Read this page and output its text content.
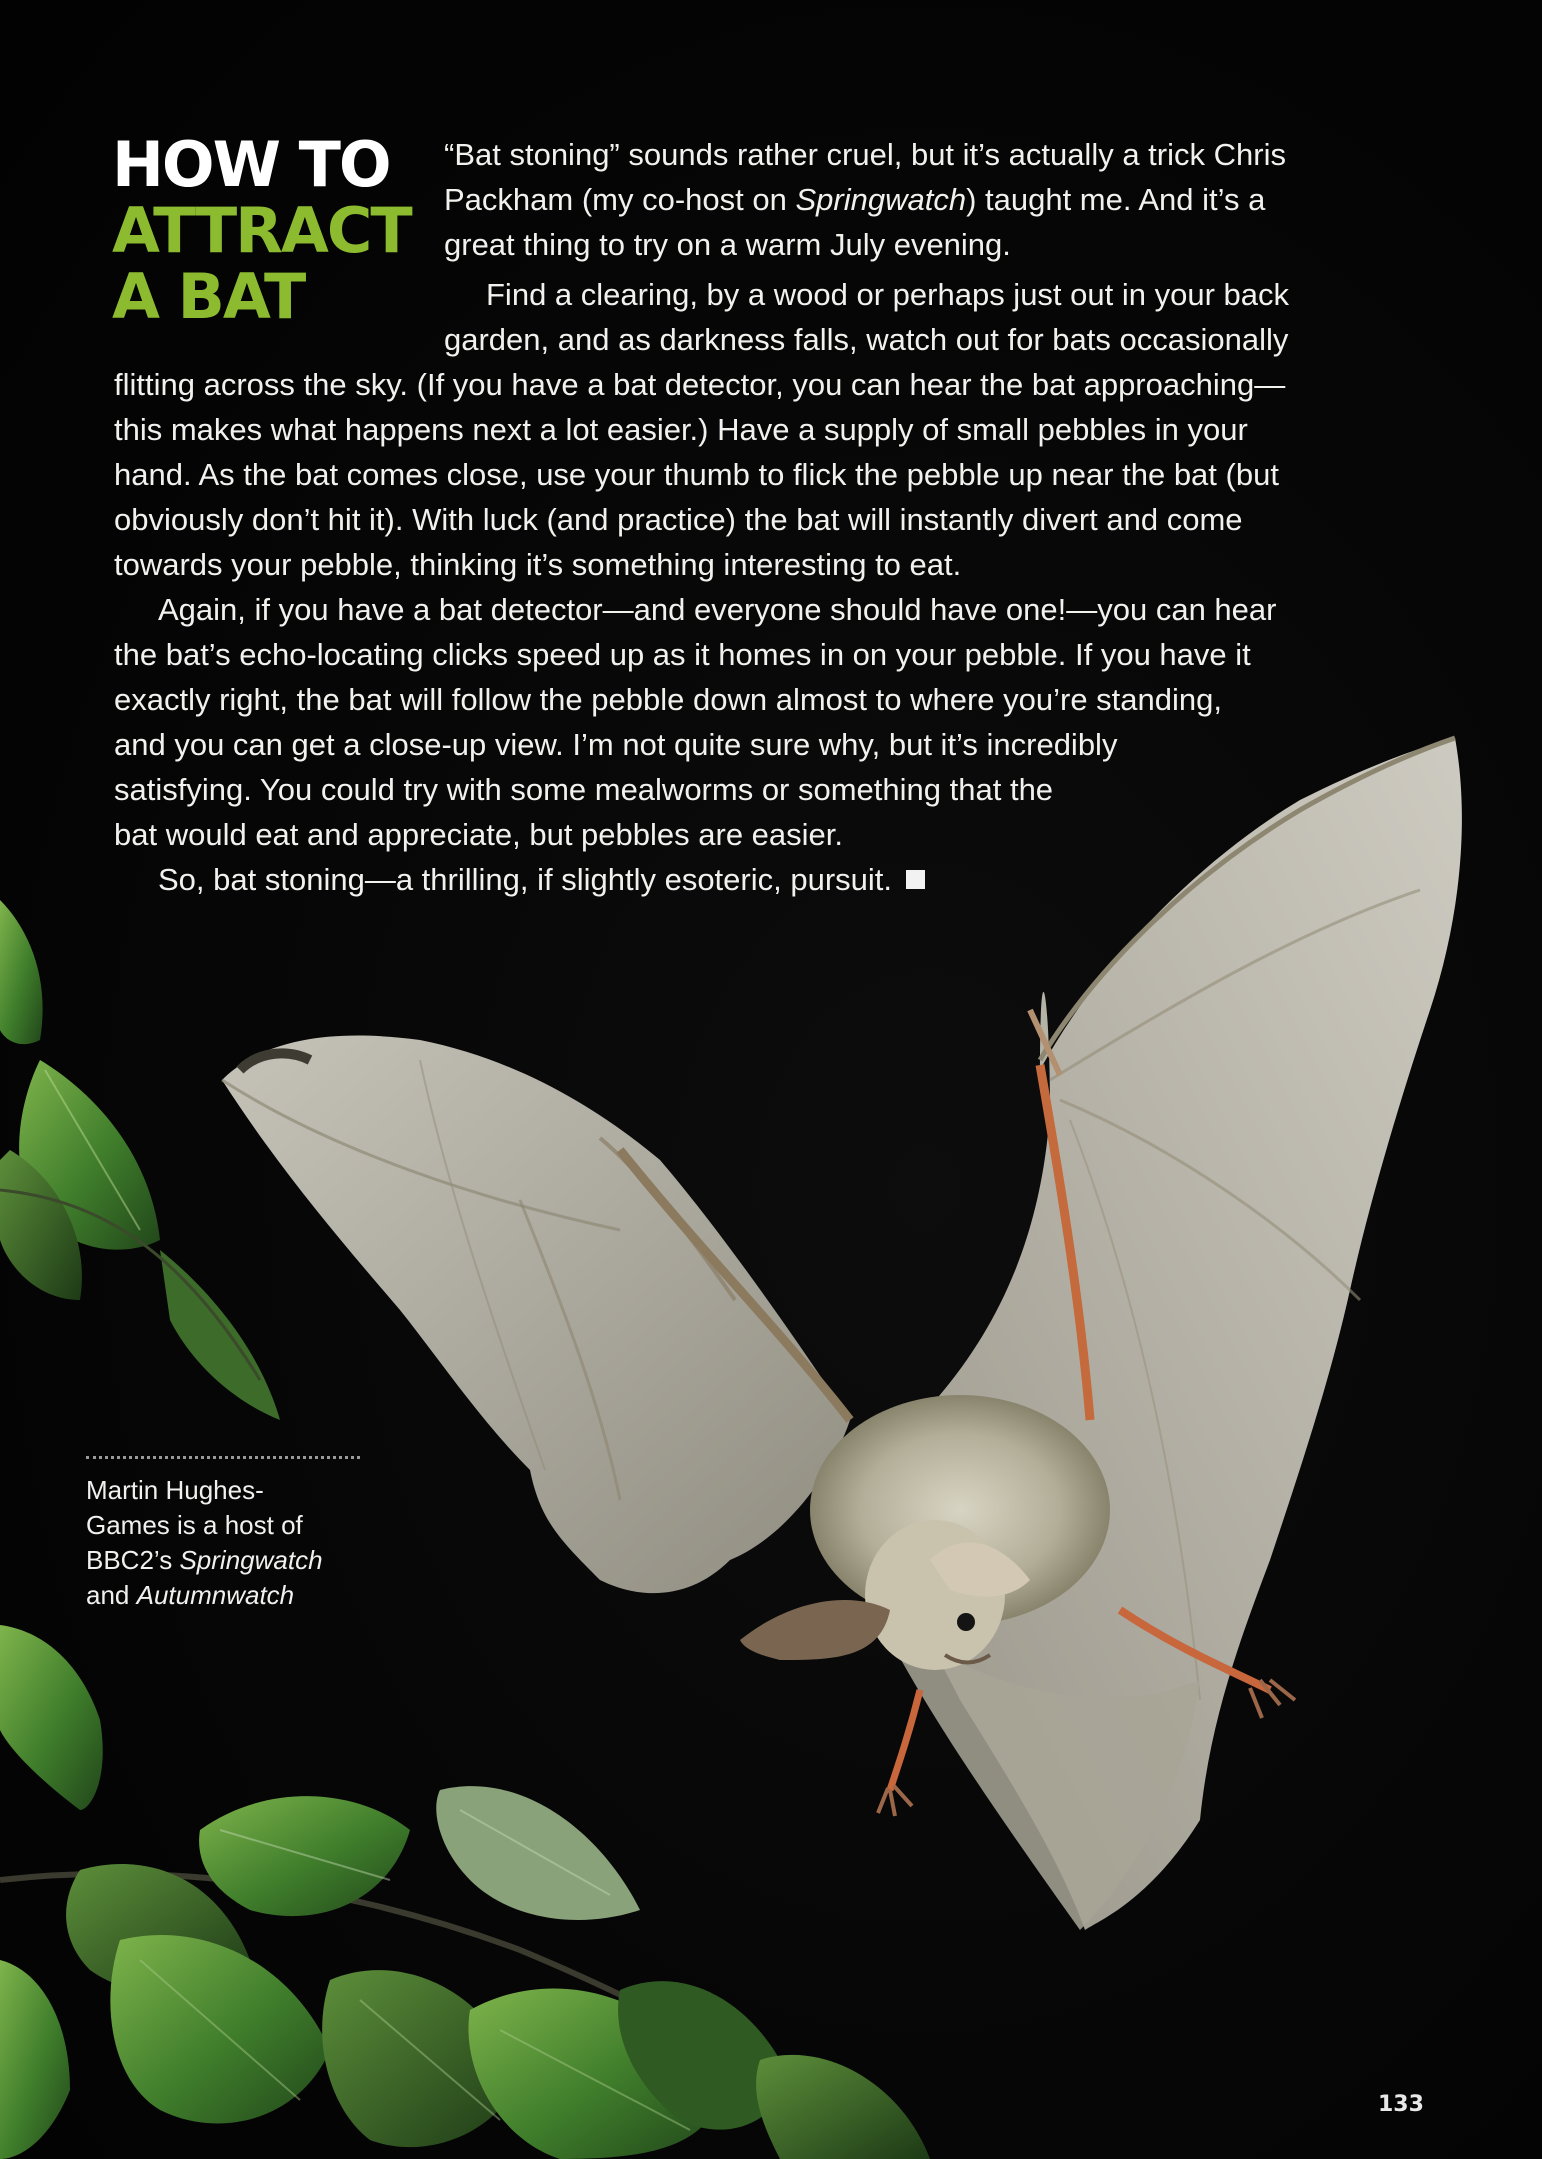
HOW TO
ATTRACT
A BAT
“Bat stoning” sounds rather cruel, but it’s actually a trick Chris
Packham (my co-host on Springwatch) taught me. And it’s a
great thing to try on a warm July evening.
Find a clearing, by a wood or perhaps just out in your back
garden, and as darkness falls, watch out for bats occasionally
flitting across the sky. (If you have a bat detector, you can hear the bat approaching—
this makes what happens next a lot easier.) Have a supply of small pebbles in your
hand. As the bat comes close, use your thumb to flick the pebble up near the bat (but
obviously don’t hit it). With luck (and practice) the bat will instantly divert and come
towards your pebble, thinking it’s something interesting to eat.
Again, if you have a bat detector—and everyone should have one!—you can hear
the bat’s echo-locating clicks speed up as it homes in on your pebble. If you have it
exactly right, the bat will follow the pebble down almost to where you’re standing,
and you can get a close-up view. I’m not quite sure why, but it’s incredibly
satisfying. You could try with some mealworms or something that the
bat would eat and appreciate, but pebbles are easier.
So, bat stoning—a thrilling, if slightly esoteric, pursuit.
Martin Hughes-
Games is a host of
BBC2’s Springwatch
and Autumnwatch
133
